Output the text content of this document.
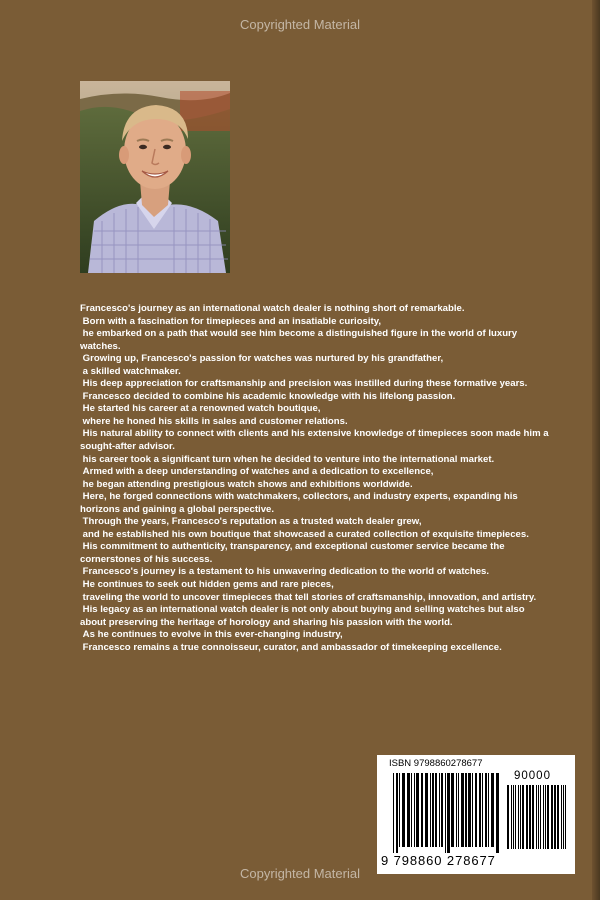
Copyrighted Material

Francesco's journey as an international watch dealer is nothing short of remarkable.

Born with a fascination for timepieces and an insatiable curiosity,

he embarked on a path that would see him become a distinguished figure in the world of luxury watches.

Growing up, Francesco's passion for watches was nurtured by his grandfather,

a skilled watchmaker.

His deep appreciation for craftsmanship and precision was instilled during these formative years.

Francesco decided to combine his academic knowledge with his lifelong passion.

He started his career at a renowned watch boutique,

where he honed his skills in sales and customer relations.

His natural ability to connect with clients and his extensive knowledge of timepieces soon made him a sought-after advisor.

his career took a significant turn when he decided to venture into the international market.

Armed with a deep understanding of watches and a dedication to excellence,

he began attending prestigious watch shows and exhibitions worldwide.

Here, he forged connections with watchmakers, collectors, and industry experts, expanding his horizons and gaining a global perspective.

Through the years, Francesco's reputation as a trusted watch dealer grew,

and he established his own boutique that showcased a curated collection of exquisite timepieces.

His commitment to authenticity, transparency, and exceptional customer service became the cornerstones of his success.

Francesco's journey is a testament to his unwavering dedication to the world of watches.

He continues to seek out hidden gems and rare pieces,

traveling the world to uncover timepieces that tell stories of craftsmanship, innovation, and artistry.

His legacy as an international watch dealer is not only about buying and selling watches but also about preserving the heritage of horology and sharing his passion with the world.

As he continues to evolve in this ever-changing industry,

Francesco remains a true connoisseur, curator, and ambassador of timekeeping excellence.

ISBN 9798860278677
90000
9 798860 278677
Copyrighted Material
